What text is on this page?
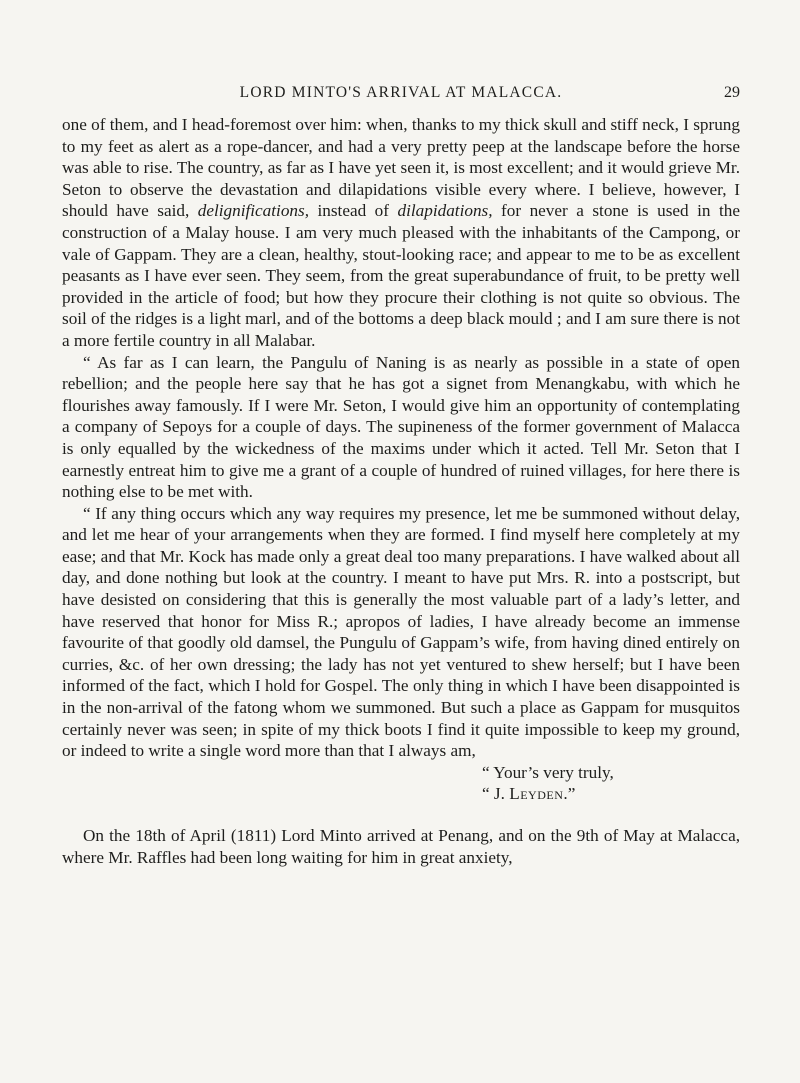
LORD MINTO'S ARRIVAL AT MALACCA.	29

one of them, and I head-foremost over him: when, thanks to my thick skull and stiff neck, I sprung to my feet as alert as a rope-dancer, and had a very pretty peep at the landscape before the horse was able to rise. The country, as far as I have yet seen it, is most excellent; and it would grieve Mr. Seton to observe the devastation and dilapidations visible every where. I believe, however, I should have said, delignifications, instead of dilapidations, for never a stone is used in the construction of a Malay house. I am very much pleased with the inhabitants of the Campong, or vale of Gappam. They are a clean, healthy, stout-looking race; and appear to me to be as excellent peasants as I have ever seen. They seem, from the great superabundance of fruit, to be pretty well provided in the article of food; but how they procure their clothing is not quite so obvious. The soil of the ridges is a light marl, and of the bottoms a deep black mould ; and I am sure there is not a more fertile country in all Malabar.

“ As far as I can learn, the Pangulu of Naning is as nearly as possible in a state of open rebellion; and the people here say that he has got a signet from Menangkabu, with which he flourishes away famously. If I were Mr. Seton, I would give him an opportunity of contemplating a company of Sepoys for a couple of days. The supineness of the former government of Malacca is only equalled by the wickedness of the maxims under which it acted. Tell Mr. Seton that I earnestly entreat him to give me a grant of a couple of hundred of ruined villages, for here there is nothing else to be met with.

“ If any thing occurs which any way requires my presence, let me be summoned without delay, and let me hear of your arrangements when they are formed. I find myself here completely at my ease; and that Mr. Kock has made only a great deal too many preparations. I have walked about all day, and done nothing but look at the country. I meant to have put Mrs. R. into a postscript, but have desisted on considering that this is generally the most valuable part of a lady’s letter, and have reserved that honor for Miss R.; apropos of ladies, I have already become an immense favourite of that goodly old damsel, the Pungulu of Gappam’s wife, from having dined entirely on curries, &c. of her own dressing; the lady has not yet ventured to shew herself; but I have been informed of the fact, which I hold for Gospel. The only thing in which I have been disappointed is in the non-arrival of the fatong whom we summoned. But such a place as Gappam for musquitos certainly never was seen; in spite of my thick boots I find it quite impossible to keep my ground, or indeed to write a single word more than that I always am,

“ Your’s very truly,

“ J. Leyden.”

On the 18th of April (1811) Lord Minto arrived at Penang, and on the 9th of May at Malacca, where Mr. Raffles had been long waiting for him in great anxiety,
